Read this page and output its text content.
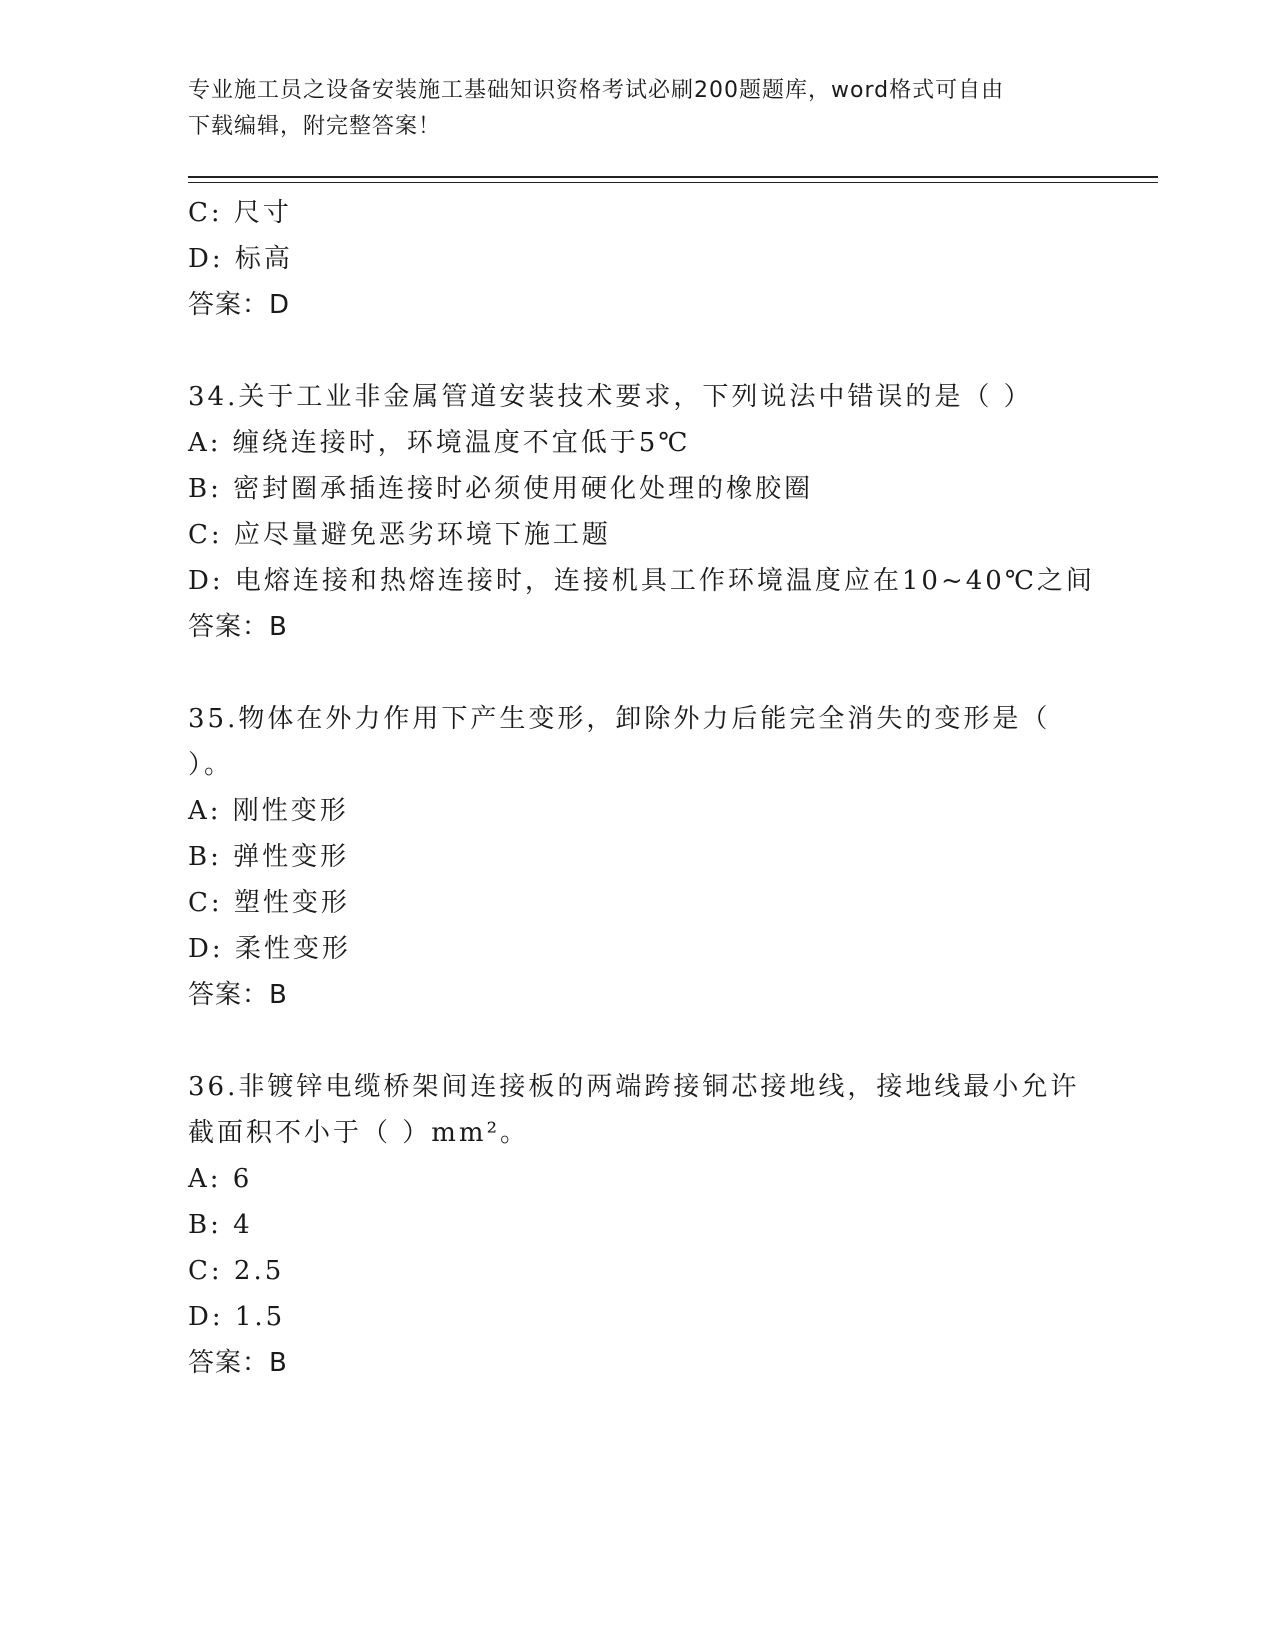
专业施工员之设备安装施工基础知识资格考试必刷200题题库，word格式可自由
下载编辑，附完整答案！
C: 尺寸
D: 标高
答案：D
34.关于工业非金属管道安装技术要求，下列说法中错误的是（ ）
A: 缠绕连接时，环境温度不宜低于5℃
B: 密封圈承插连接时必须使用硬化处理的橡胶圈
C: 应尽量避免恶劣环境下施工题
D: 电熔连接和热熔连接时，连接机具工作环境温度应在10~40℃之间
答案：B
35.物体在外力作用下产生变形，卸除外力后能完全消失的变形是（
）。
A: 刚性变形
B: 弹性变形
C: 塑性变形
D: 柔性变形
答案：B
36.非镀锌电缆桥架间连接板的两端跨接铜芯接地线，接地线最小允许
截面积不小于（ ）mm²。
A: 6
B: 4
C: 2.5
D: 1.5
答案：B
